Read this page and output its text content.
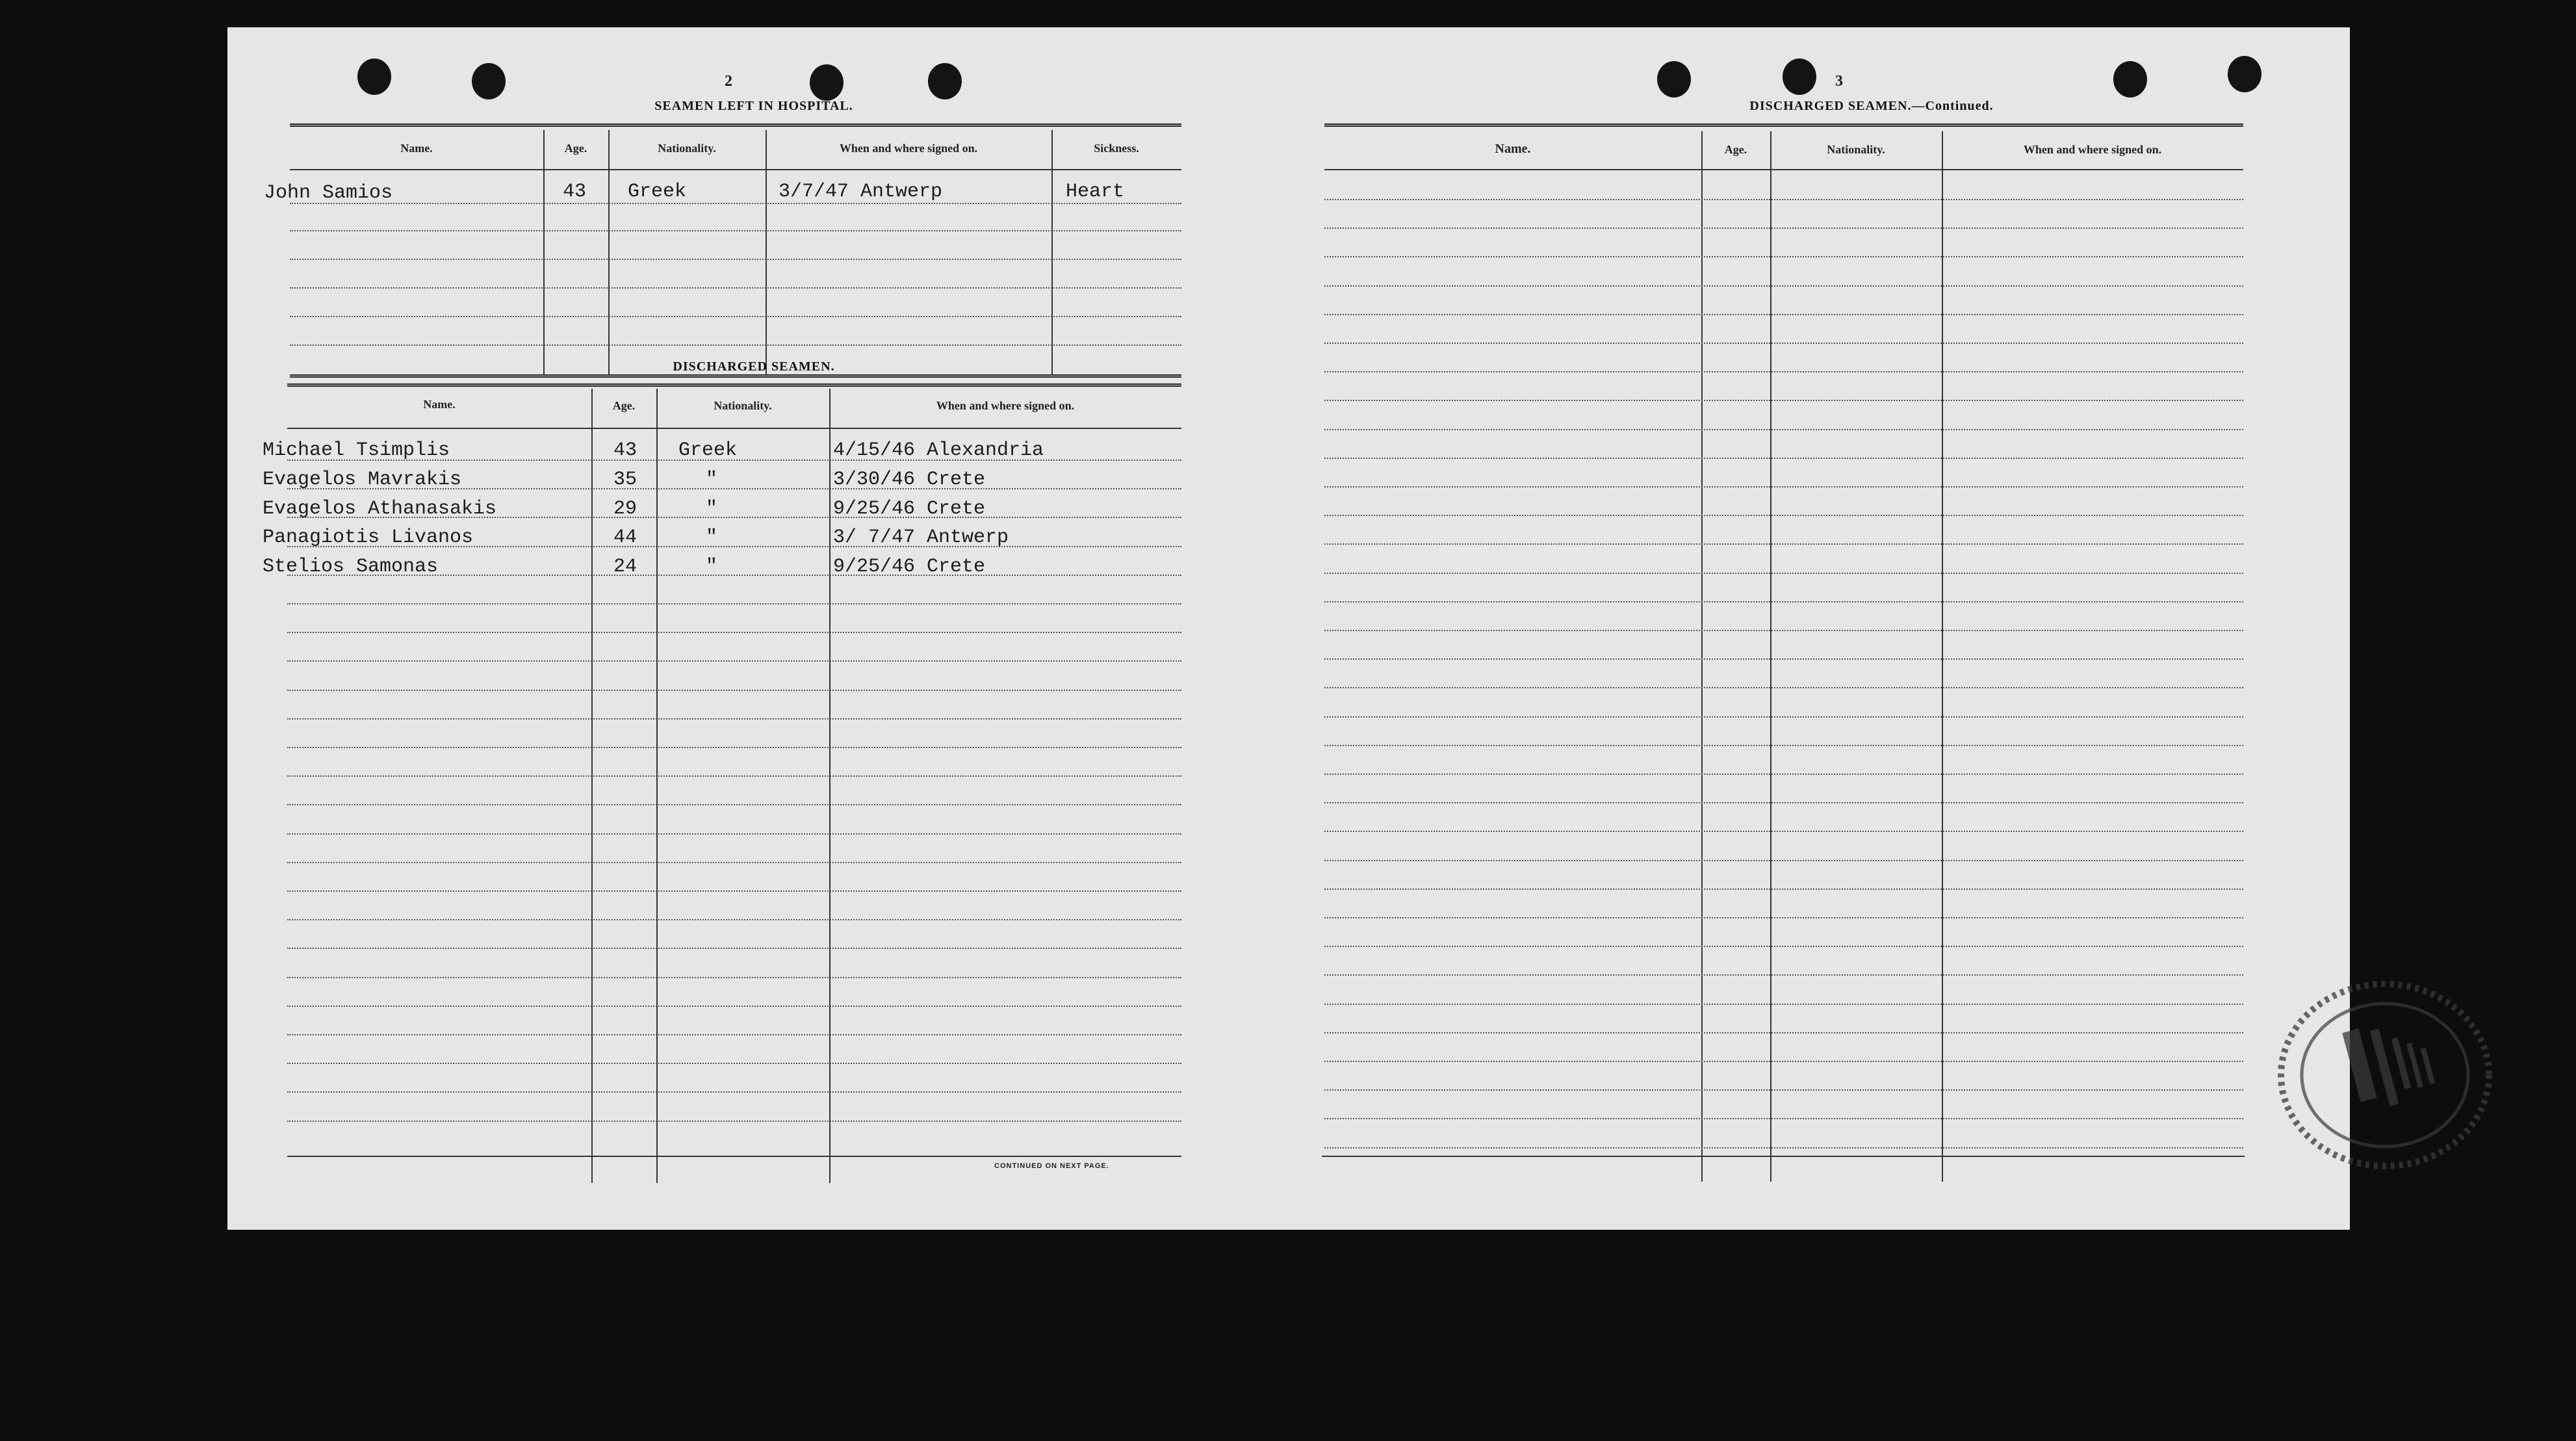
2
SEAMEN LEFT IN HOSPITAL.
Name.	Age.	Nationality.	When and where signed on.	Sickness.
John Samios	43 Greek	3/7/47 Antwerp	Heart
DISCHARGED SEAMEN.
Name.	Age.	Nationality.	When and where signed on.
Michael Tsimplis	43 Greek	4/15/46 Alexandria
Evagelos Mavrakis	35	"	3/30/46 Crete
Evagelos Athanasakis	29	"	9/25/46 Crete
Panagiotis Livanos	44	"	3/ 7/47 Antwerp
Stelios Samonas	24	"	9/25/46 Crete
CONTINUED ON NEXT PAGE.
3
DISCHARGED SEAMEN.—Continued.
Name.	Age.	Nationality.	When and where signed on.
